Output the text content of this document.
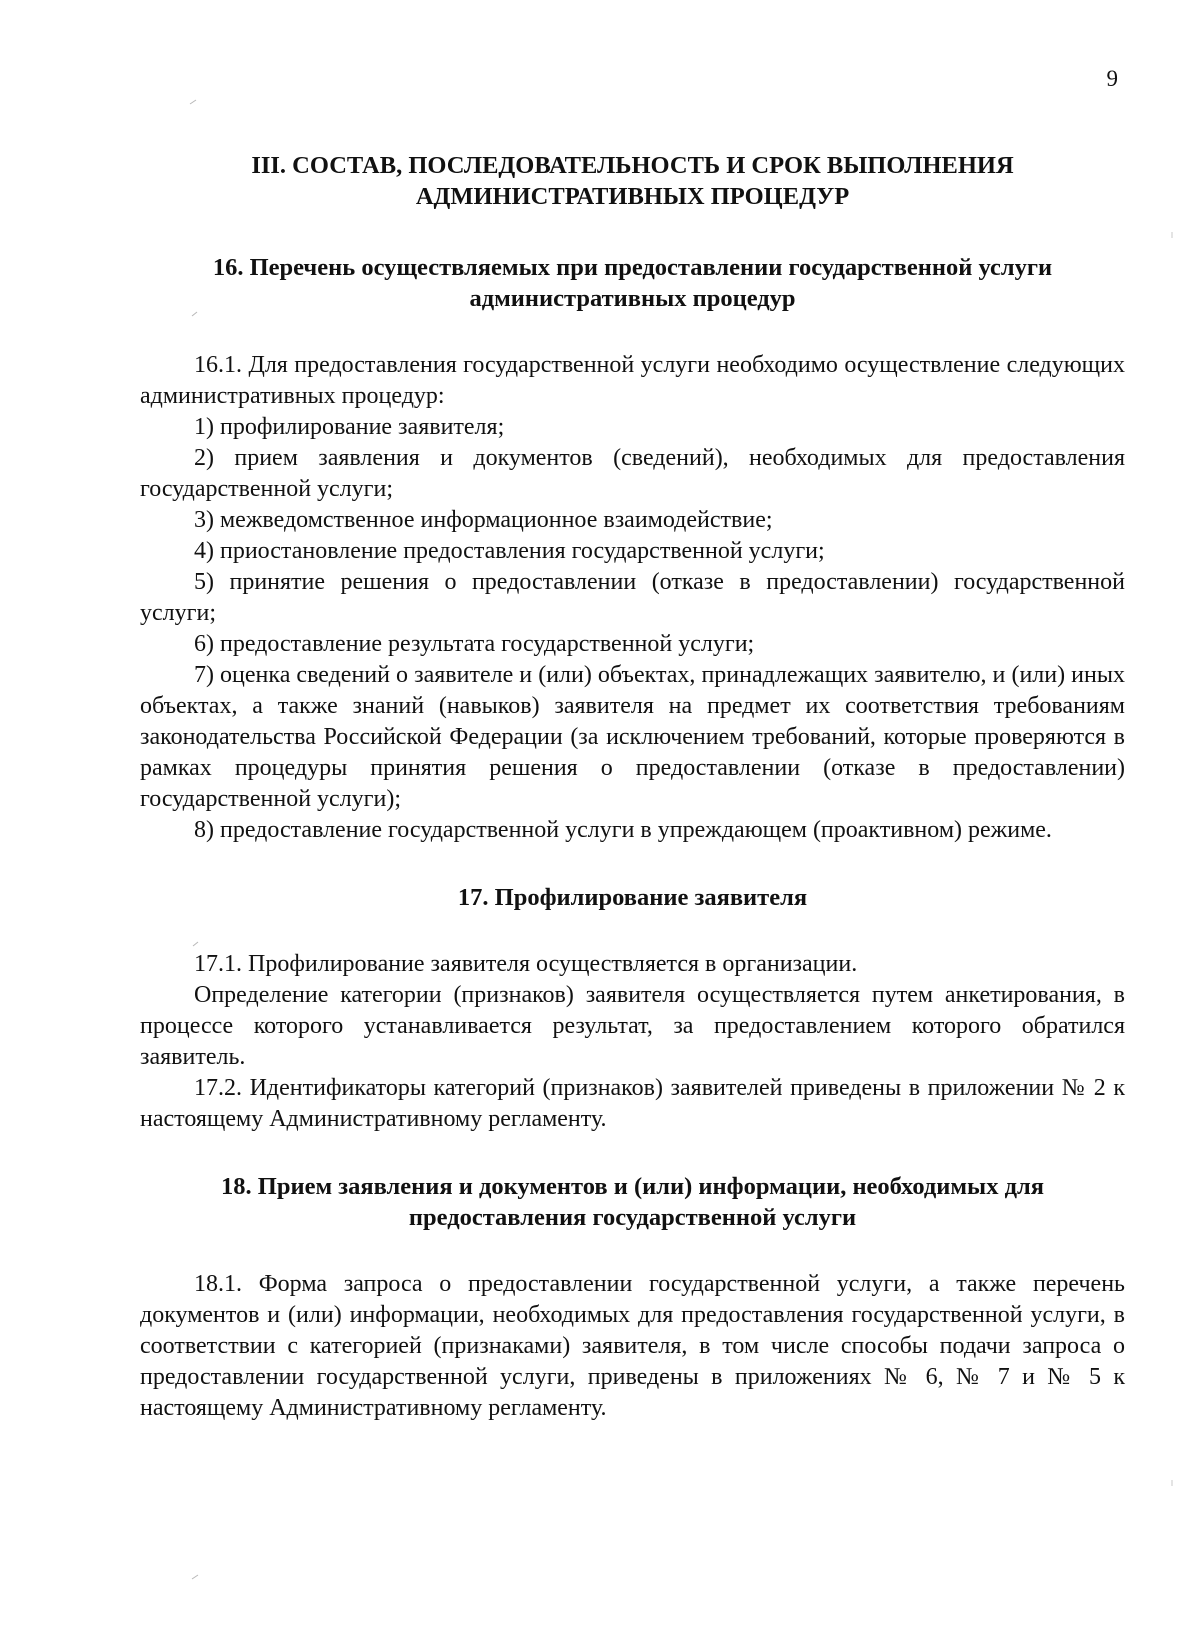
9
III. СОСТАВ, ПОСЛЕДОВАТЕЛЬНОСТЬ И СРОК ВЫПОЛНЕНИЯ
АДМИНИСТРАТИВНЫХ ПРОЦЕДУР
16. Перечень осуществляемых при предоставлении государственной услуги
административных процедур

16.1. Для предоставления государственной услуги необходимо осуществление следующих административных процедур:

1) профилирование заявителя;

2) прием заявления и документов (сведений), необходимых для предоставления государственной услуги;

3) межведомственное информационное взаимодействие;

4) приостановление предоставления государственной услуги;

5) принятие решения о предоставлении (отказе в предоставлении) государственной услуги;

6) предоставление результата государственной услуги;

7) оценка сведений о заявителе и (или) объектах, принадлежащих заявителю, и (или) иных объектах, а также знаний (навыков) заявителя на предмет их соответствия требованиям законодательства Российской Федерации (за исключением требований, которые проверяются в рамках процедуры принятия решения о предоставлении (отказе в предоставлении) государственной услуги);

8) предоставление государственной услуги в упреждающем (проактивном) режиме.

17. Профилирование заявителя

17.1. Профилирование заявителя осуществляется в организации.

Определение категории (признаков) заявителя осуществляется путем анкетирования, в процессе которого устанавливается результат, за предоставлением которого обратился заявитель.

17.2. Идентификаторы категорий (признаков) заявителей приведены в приложении № 2 к настоящему Административному регламенту.

18. Прием заявления и документов и (или) информации, необходимых для
предоставления государственной услуги

18.1. Форма запроса о предоставлении государственной услуги, а также перечень документов и (или) информации, необходимых для предоставления государственной услуги, в соответствии с категорией (признаками) заявителя, в том числе способы подачи запроса о предоставлении государственной услуги, приведены в приложениях № 6, № 7 и № 5 к настоящему Административному регламенту.
